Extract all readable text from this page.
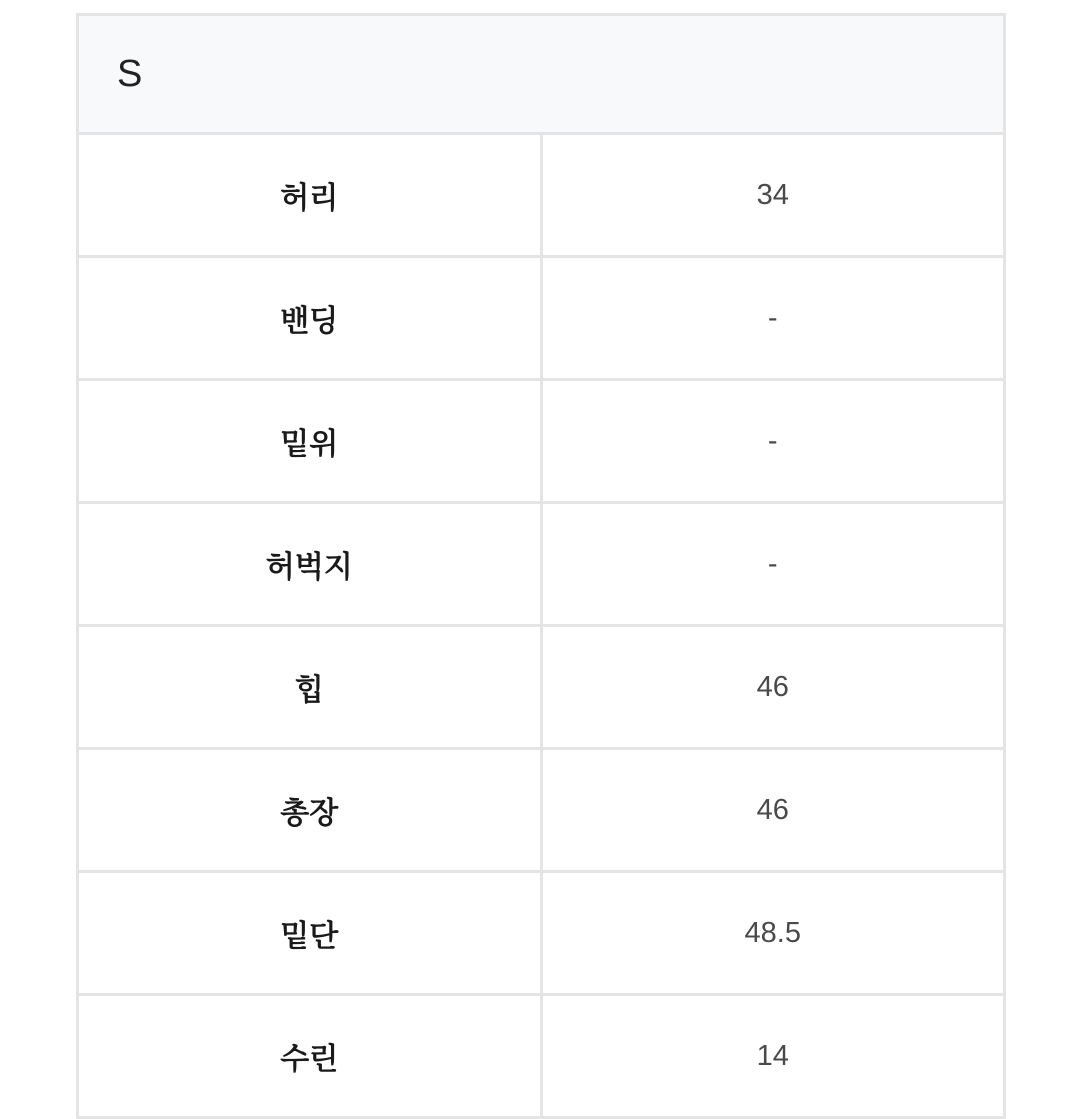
S	
허리	34
밴딩	-
밑위	-
허벅지	-
힙	46
총장	46
밑단	48.5
수린	14
